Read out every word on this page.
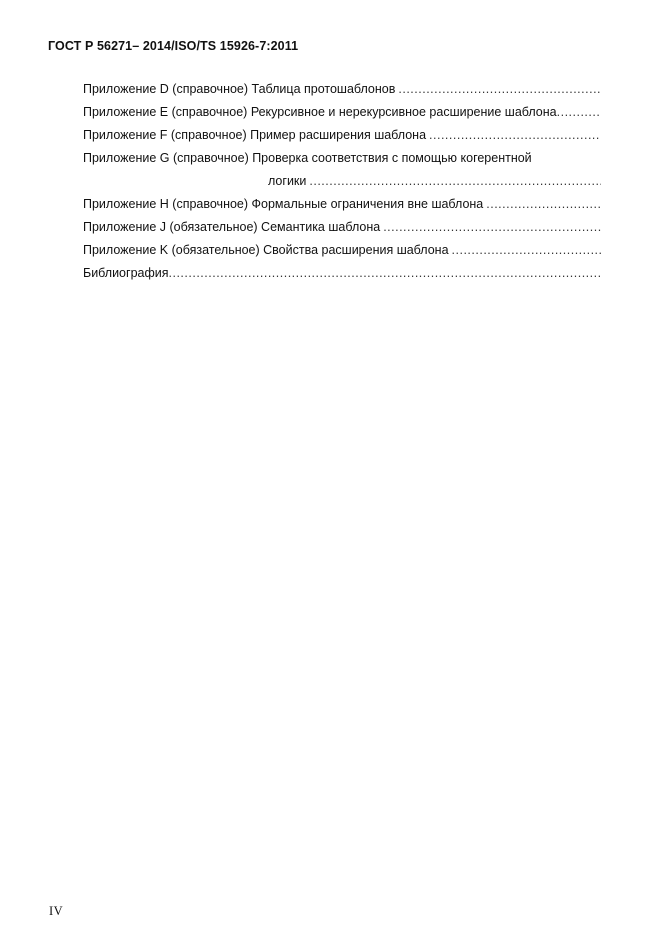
ГОСТ Р 56271– 2014/ISO/TS 15926-7:2011
Приложение D (справочное) Таблица протошаблонов
.....
Приложение E (справочное) Рекурсивное и нерекурсивное расширение шаблона
.....
Приложение F (справочное) Пример расширения шаблона
.....
Приложение G (справочное) Проверка соответствия с помощью когерентной
логики
.....
Приложение H (справочное) Формальные ограничения вне шаблона
.....
Приложение J (обязательное) Семантика шаблона
.....
Приложение K (обязательное) Свойства расширения шаблона
.....
Библиография
.....
IV
